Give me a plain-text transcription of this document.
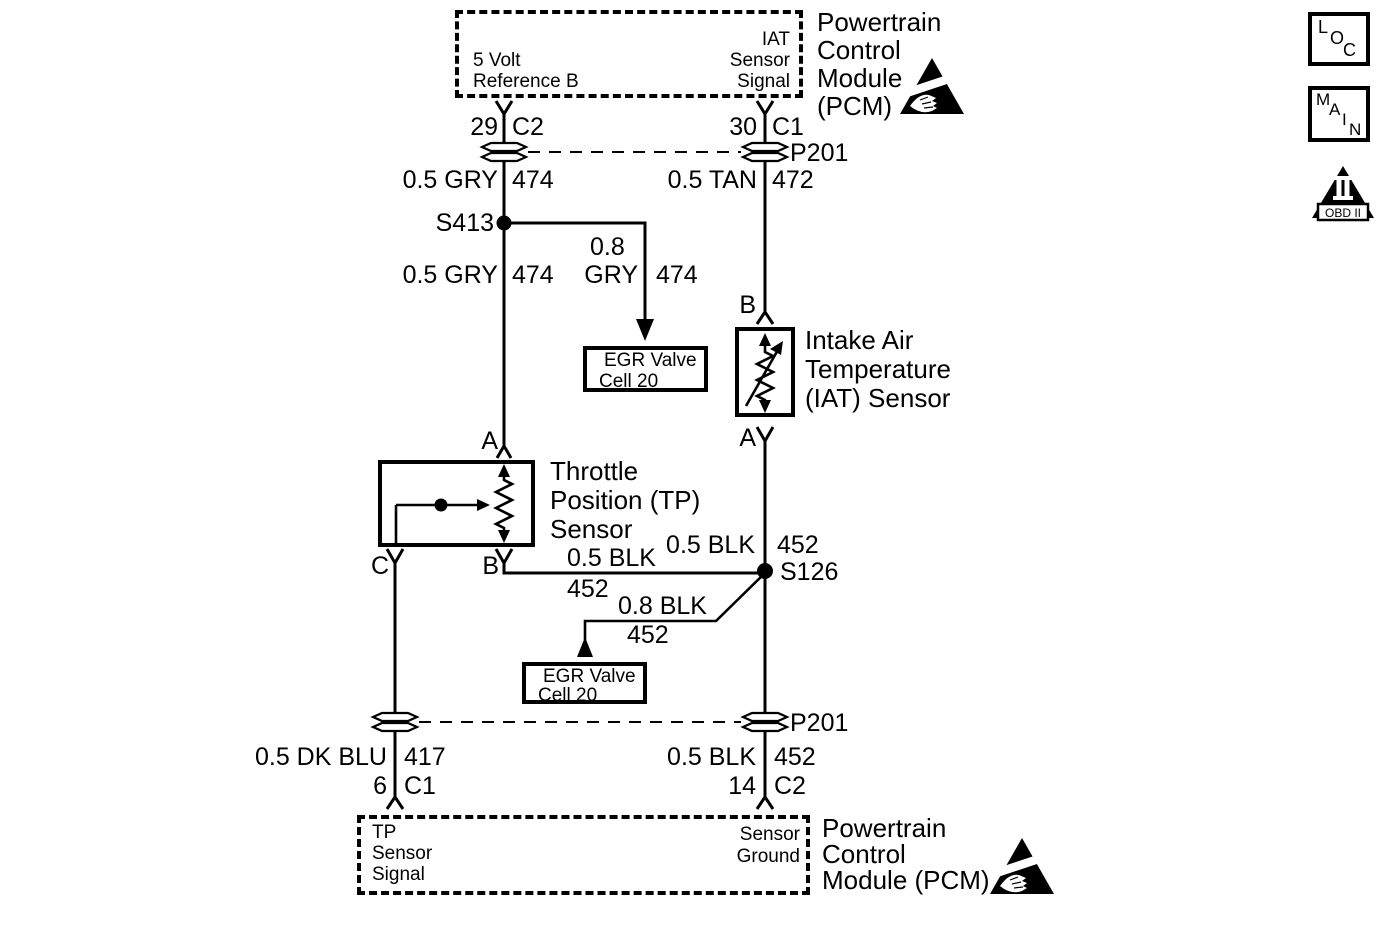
Powertrain
Control
Module
(PCM)
5 Volt
Reference B
IAT
Sensor
Signal
29 C2	30 C1
P201
0.5 GRY 474	0.5 TAN 472
S413
0.5 GRY 474
0.8
GRY 474
EGR Valve
Cell 20
B
Intake Air
Temperature
(IAT) Sensor
A
A
Throttle
Position (TP)
Sensor
C	B	0.5 BLK
452
0.5 BLK 452
S126
0.8 BLK
452
EGR Valve
Cell 20
P201
0.5 DK BLU 417
6 C1
0.5 BLK 452
14 C2
TP
Sensor
Signal
Sensor
Ground
Powertrain
Control
Module (PCM)
L
O
C
M
A
I
N
OBD II
